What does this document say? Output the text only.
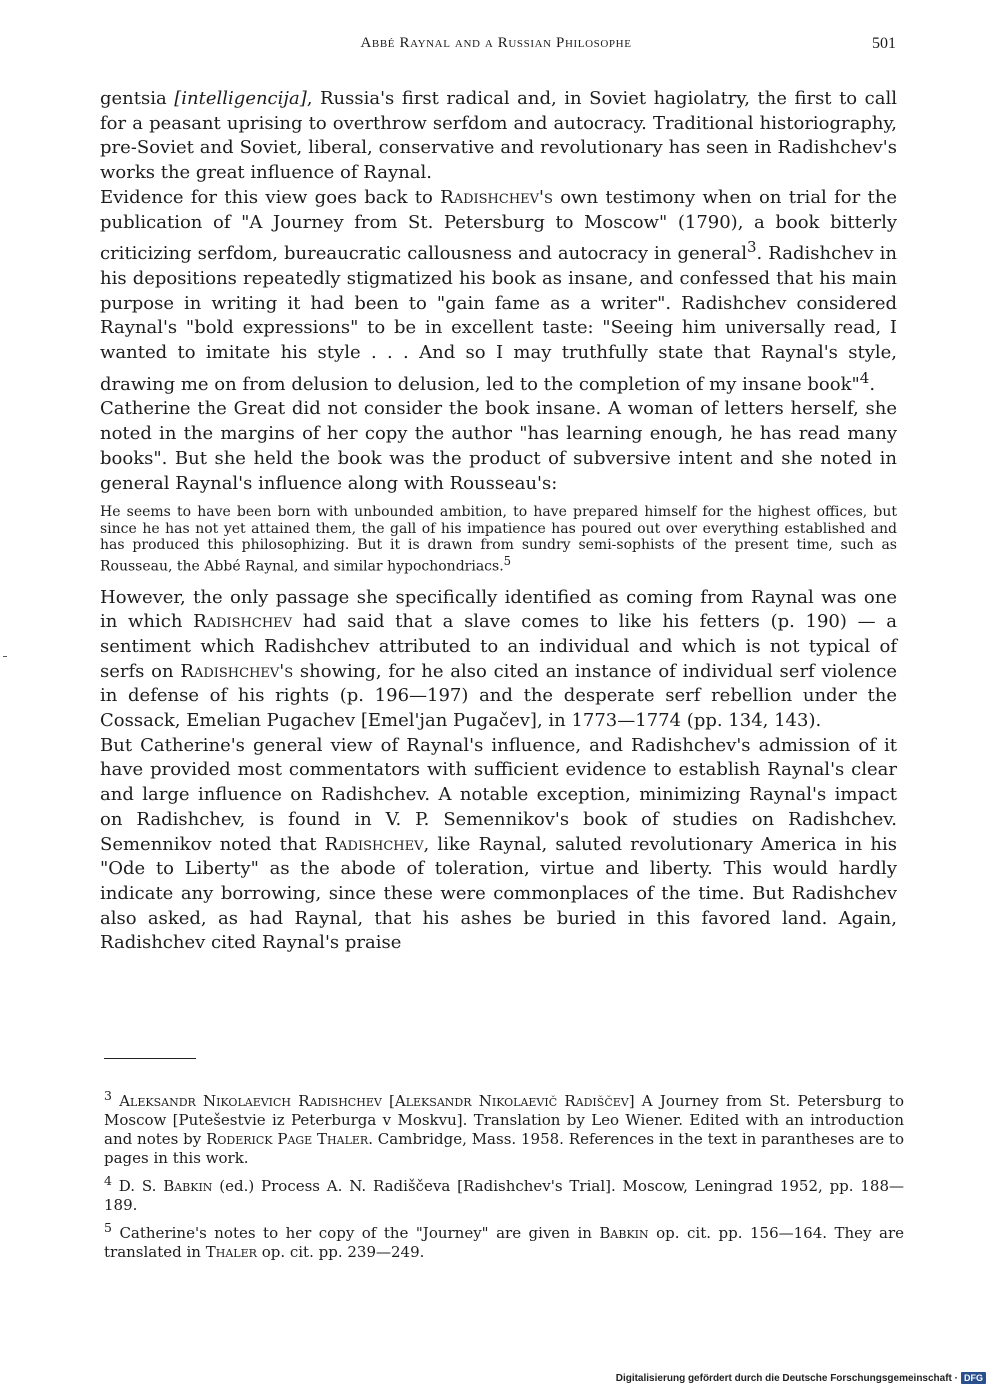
Abbé Raynal and a Russian Philosophe	501

gentsia [intelligencija], Russia's first radical and, in Soviet hagiolatry, the first to call for a peasant uprising to overthrow serfdom and autocracy. Traditional historiography, pre-Soviet and Soviet, liberal, conservative and revolutionary has seen in Radishchev's works the great influence of Raynal.

Evidence for this view goes back to Radishchev's own testimony when on trial for the publication of "A Journey from St. Petersburg to Moscow" (1790), a book bitterly criticizing serfdom, bureaucratic callousness and autocracy in general$^3$. Radishchev in his depositions repeatedly stigmatized his book as insane, and confessed that his main purpose in writing it had been to "gain fame as a writer". Radishchev considered Raynal's "bold expressions" to be in excellent taste: "Seeing him universally read, I wanted to imitate his style . . . And so I may truthfully state that Raynal's style, drawing me on from delusion to delusion, led to the completion of my insane book"$^4$.

Catherine the Great did not consider the book insane. A woman of letters herself, she noted in the margins of her copy the author "has learning enough, he has read many books". But she held the book was the product of subversive intent and she noted in general Raynal's influence along with Rousseau's:

He seems to have been born with unbounded ambition, to have prepared himself for the highest offices, but since he has not yet attained them, the gall of his impatience has poured out over everything established and has produced this philosophizing. But it is drawn from sundry semi-sophists of the present time, such as Rousseau, the Abbé Raynal, and similar hypochondriacs.$^5$

However, the only passage she specifically identified as coming from Raynal was one in which Radishchev had said that a slave comes to like his fetters (p. 190) — a sentiment which Radishchev attributed to an individual and which is not typical of serfs on Radishchev's showing, for he also cited an instance of individual serf violence in defense of his rights (p. 196—197) and the desperate serf rebellion under the Cossack, Emelian Pugachev [Emel'jan Pugačev], in 1773—1774 (pp. 134, 143).

But Catherine's general view of Raynal's influence, and Radishchev's admission of it have provided most commentators with sufficient evidence to establish Raynal's clear and large influence on Radishchev. A notable exception, minimizing Raynal's impact on Radishchev, is found in V. P. Semennikov's book of studies on Radishchev. Semennikov noted that Radishchev, like Raynal, saluted revolutionary America in his "Ode to Liberty" as the abode of toleration, virtue and liberty. This would hardly indicate any borrowing, since these were commonplaces of the time. But Radishchev also asked, as had Raynal, that his ashes be buried in this favored land. Again, Radishchev cited Raynal's praise

$^3$ Aleksandr Nikolaevich Radishchev [Aleksandr Nikolaevič Radiščev] A Journey from St. Petersburg to Moscow [Putešestvie iz Peterburga v Moskvu]. Translation by Leo Wiener. Edited with an introduction and notes by Roderick Page Thaler. Cambridge, Mass. 1958. References in the text in parantheses are to pages in this work.

$^4$ D. S. Babkin (ed.) Process A. N. Radiščeva [Radishchev's Trial]. Moscow, Leningrad 1952, pp. 188—189.

$^5$ Catherine's notes to her copy of the "Journey" are given in Babkin op. cit. pp. 156—164. They are translated in Thaler op. cit. pp. 239—249.

Digitalisierung gefördert durch die Deutsche Forschungsgemeinschaft · DFG
